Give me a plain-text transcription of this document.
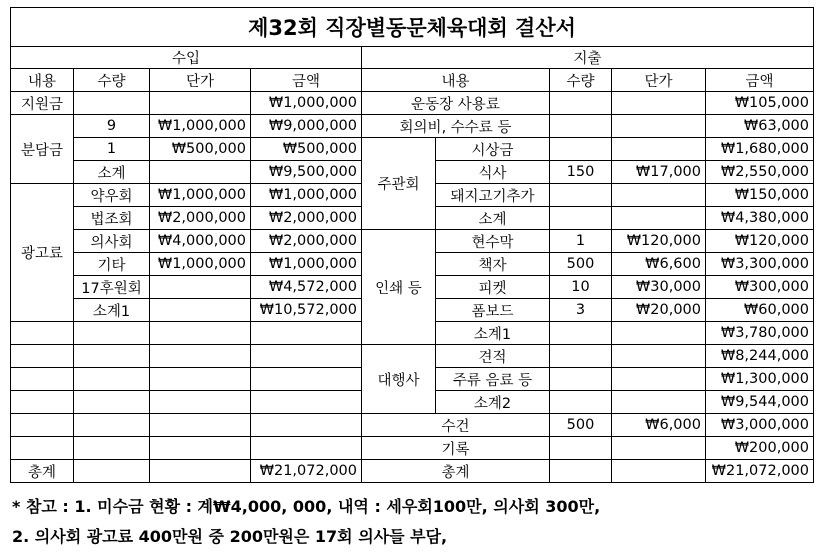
제32회 직장별동문체육대회 결산서								
수입				지출				
내용	수량	단가	금액	내용		수량	단가	금액
지원금			₩1,000,000	운동장 사용료				₩105,000
분담금	9	₩1,000,000	₩9,000,000	회의비, 수수료 등				₩63,000
	1	₩500,000	₩500,000	주관회	시상금			₩1,680,000
	소계		₩9,500,000		식사	150	₩17,000	₩2,550,000
광고료	약우회	₩1,000,000	₩1,000,000		돼지고기추가			₩150,000
	법조회	₩2,000,000	₩2,000,000		소계			₩4,380,000
	의사회	₩4,000,000	₩2,000,000	인쇄 등	현수막	1	₩120,000	₩120,000
	기타	₩1,000,000	₩1,000,000		책자	500	₩6,600	₩3,300,000
	17후원회		₩4,572,000		피켓	10	₩30,000	₩300,000
	소계1		₩10,572,000		폼보드	3	₩20,000	₩60,000
					소계1			₩3,780,000
				대행사	견적			₩8,244,000
					주류 음료 등			₩1,300,000
					소계2			₩9,544,000
				수건		500	₩6,000	₩3,000,000
				기록				₩200,000
총계			₩21,072,000	총계				₩21,072,000
* 참고 : 1. 미수금 현황 : 계₩4,000, 000, 내역 : 세우회100만, 의사회 300만,
2. 의사회 광고료 400만원 중 200만원은 17회 의사들 부담,
